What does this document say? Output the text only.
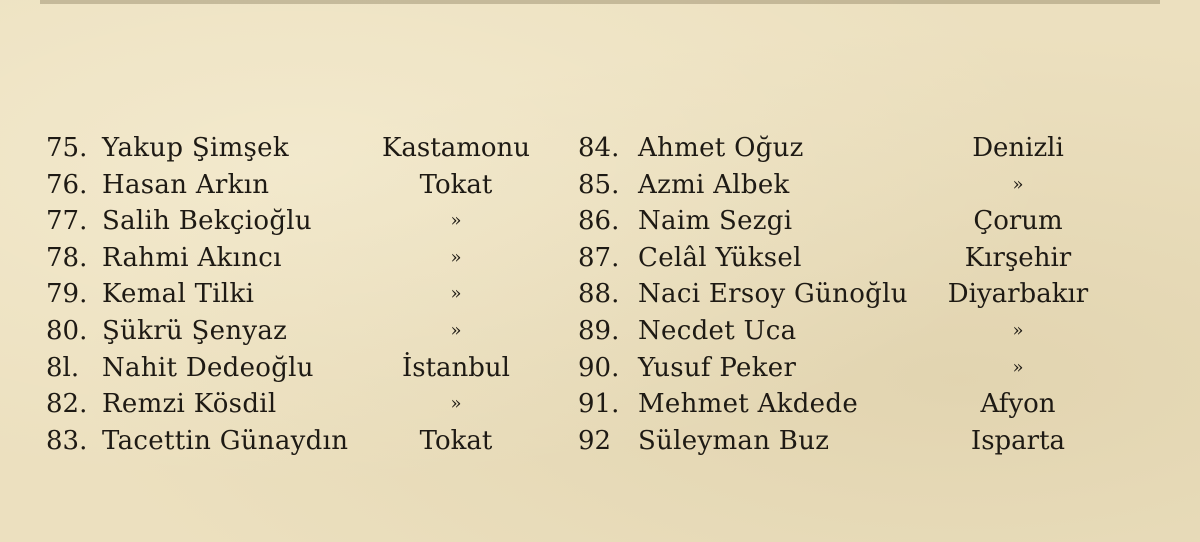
75. Yakup Şimşek	Kastamonu
76. Hasan Arkın	Tokat
77. Salih Bekçioğlu	»
78. Rahmi Akıncı	»
79. Kemal Tilki	»
80. Şükrü Şenyaz	»
8l. Nahit Dedeoğlu	İstanbul
82. Remzi Kösdil	»
83. Tacettin Günaydın	Tokat
84. Ahmet Oğuz	Denizli
85. Azmi Albek	»
86. Naim Sezgi	Çorum
87. Celâl Yüksel	Kırşehir
88. Naci Ersoy Günoğlu	Diyarbakır
89. Necdet Uca	»
90. Yusuf Peker	»
91. Mehmet Akdede	Afyon
92 Süleyman Buz	Isparta
